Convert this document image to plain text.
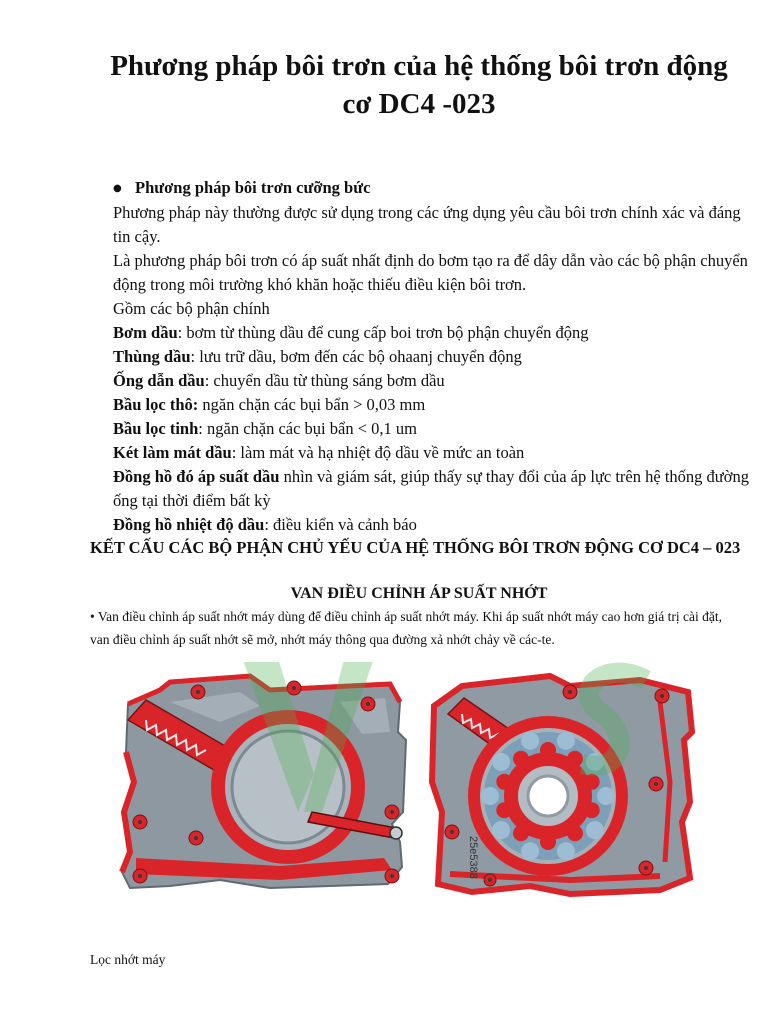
Phương pháp bôi trơn của hệ thống bôi trơn động
cơ DC4 -023
● Phương pháp bôi trơn cưỡng bức
Phương pháp này thường được sử dụng trong các ứng dụng yêu cầu bôi trơn chính xác và đáng tin cậy.
Là phương pháp bôi trơn có áp suất nhất định do bơm tạo ra để dây dẫn vào các bộ phận chuyển động trong môi trường khó khăn hoặc thiếu điều kiện bôi trơn.
Gồm các bộ phận chính
Bơm dầu: bơm từ thùng dầu để cung cấp boi trơn bộ phận chuyển động
Thùng dầu: lưu trữ dầu, bơm đến các bộ ohaanj chuyển động
Ống dẫn dầu: chuyển dầu từ thùng sáng bơm dầu
Bầu lọc thô: ngăn chặn các bụi bẩn > 0,03 mm
Bầu lọc tinh: ngăn chặn các bụi bẩn < 0,1 um
Két làm mát dầu: làm mát và hạ nhiệt độ dầu về mức an toàn
Đồng hồ đó áp suất dầu nhìn và giám sát, giúp thấy sự thay đổi của áp lực trên hệ thống đường ống tại thời điểm bất kỳ
Đồng hồ nhiệt độ dầu: điều kiển và cảnh báo
KẾT CẤU CÁC BỘ PHẬN CHỦ YẾU CỦA HỆ THỐNG BÔI TRƠN ĐỘNG CƠ DC4 – 023
VAN ĐIỀU CHỈNH ÁP SUẤT NHỚT
• Van điều chỉnh áp suất nhớt máy dùng để điều chỉnh áp suất nhớt máy. Khi áp suất nhớt máy cao hơn giá trị cài đặt, van điều chỉnh áp suất nhớt sẽ mở, nhớt máy thông qua đường xả nhớt chảy về các-te.
25e5388
Lọc nhớt máy
